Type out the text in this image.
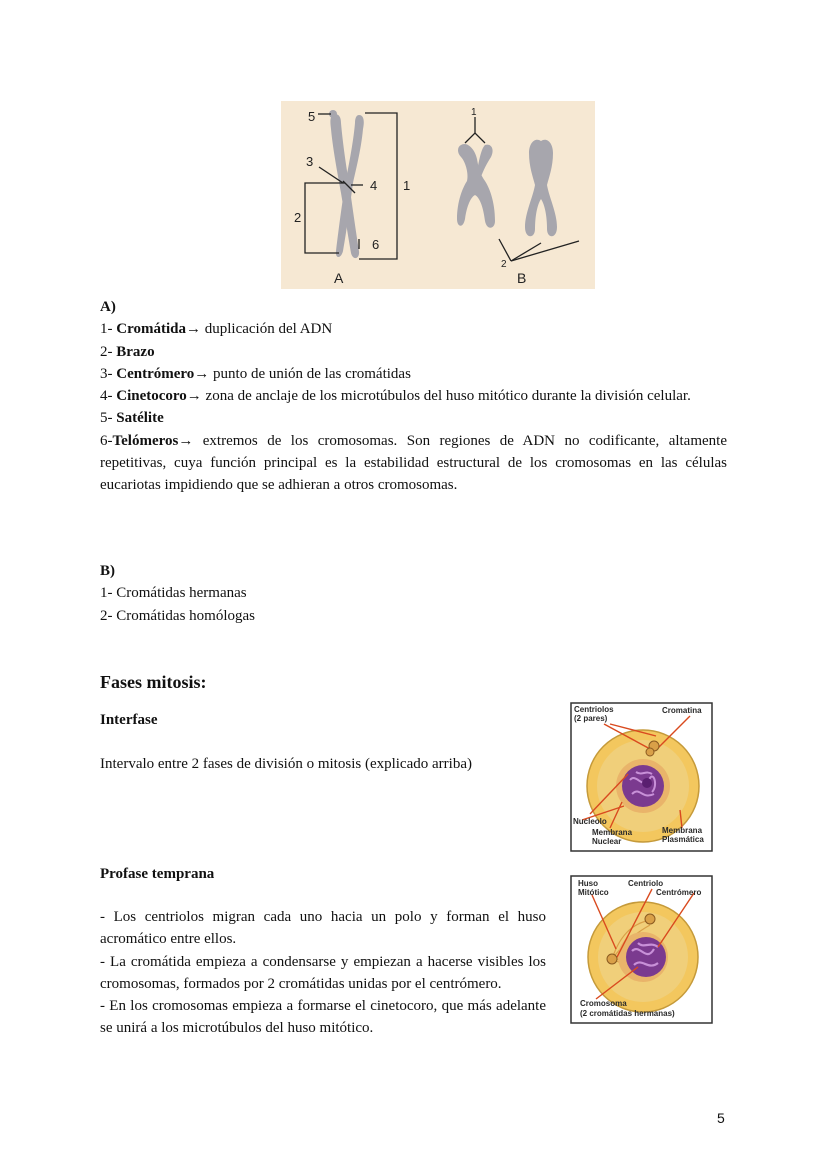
5
3
4 1
2
6
A
1
2
B

A)

1- Cromátida→ duplicación del ADN

2- Brazo

3- Centrómero→ punto de unión de las cromátidas

4- Cinetocoro→ zona de anclaje de los microtúbulos del huso mitótico durante la división celular.

5- Satélite

6-Telómeros→ extremos de los cromosomas. Son regiones de ADN no codificante, altamente repetitivas, cuya función principal es la estabilidad estructural de los cromosomas en las células eucariotas impidiendo que se adhieran a otros cromosomas.

B)

1- Cromátidas hermanas

2- Cromátidas homólogas

Fases mitosis:
Interfase
Intervalo entre 2 fases de división o mitosis (explicado arriba)
Centriolos
(2 pares)
Cromatina
Nucleolo
Membrana
Nuclear
Membrana
Plasmática
Profase temprana

- Los centriolos migran cada uno hacia un polo y forman el huso acromático entre ellos.

- La cromátida empieza a condensarse y empiezan a hacerse visibles los cromosomas, formados por 2 cromátidas unidas por el centrómero.

- En los cromosomas empieza a formarse el cinetocoro, que más adelante se unirá a los microtúbulos del huso mitótico.

Huso
Mitótico
Centriolo
Centrómero
Cromosoma
(2 cromátidas hermanas)
5
